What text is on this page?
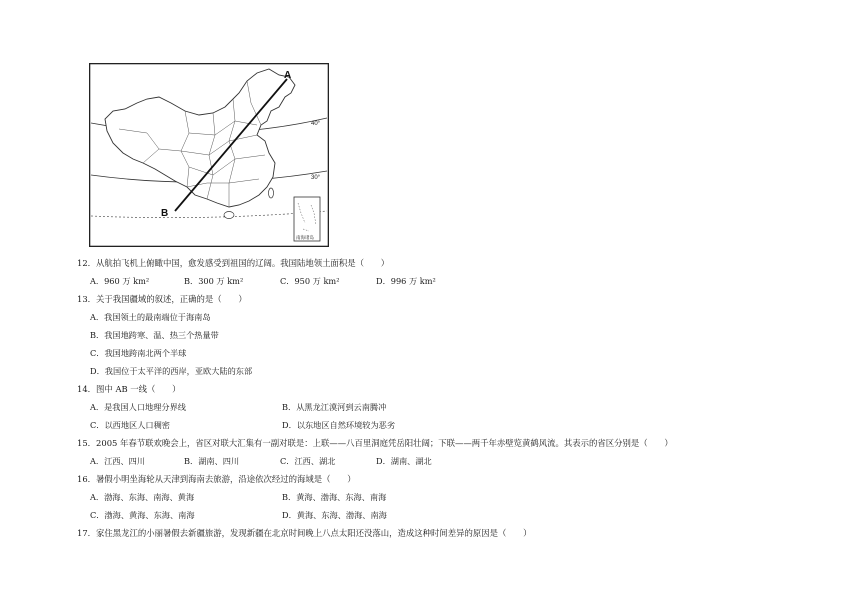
A
B
40°
30°
南海诸岛
12．从航拍飞机上俯瞰中国，愈发感受到祖国的辽阔。我国陆地领土面积是（　　）
A．960 万 km²	B．300 万 km²	C．950 万 km²	D．996 万 km²
13．关于我国疆域的叙述，正确的是（　　）
A．我国领土的最南端位于海南岛
B．我国地跨寒、温、热三个热量带
C．我国地跨南北两个半球
D．我国位于太平洋的西岸，亚欧大陆的东部
14．图中 AB 一线（　　）
A．是我国人口地理分界线	B．从黑龙江漠河到云南腾冲
C．以西地区人口稠密	D．以东地区自然环境较为恶劣
15．2005 年春节联欢晚会上，省区对联大汇集有一副对联是：上联——八百里洞庭凭岳阳壮阔；下联——两千年赤壁览黄鹤风流。其表示的省区分别是（　　）
A．江西、四川	B．湖南、四川	C．江西、湖北	D．湖南、湖北
16．暑假小明坐海轮从天津到海南去旅游，沿途依次经过的海域是（　　）
A．渤海、东海、南海、黄海	B．黄海、渤海、东海、南海
C．渤海、黄海、东海、南海	D．黄海、东海、渤海、南海
17．家住黑龙江的小丽暑假去新疆旅游，发现新疆在北京时间晚上八点太阳还没落山，造成这种时间差异的原因是（　　）
